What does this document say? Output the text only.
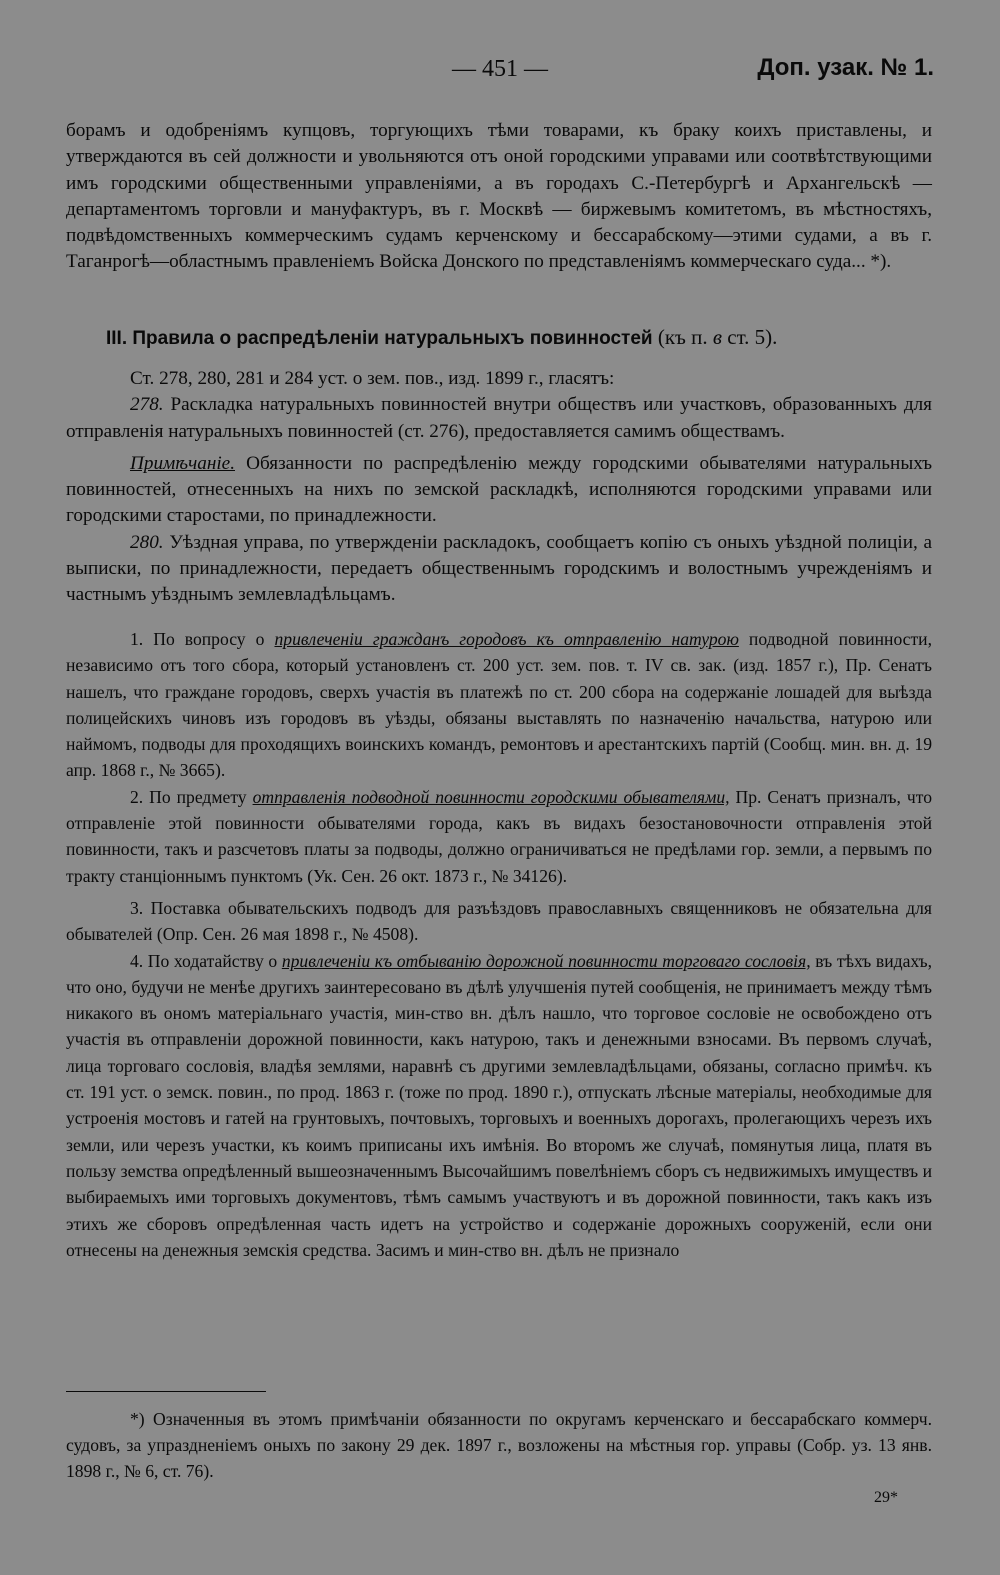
— 451 —	Доп. узак. № 1.

борамъ и одобреніямъ купцовъ, торгующихъ тѣми товарами, къ браку коихъ приставлены, и утверждаются въ сей должности и увольняются отъ оной городскими управами или соотвѣтствующими имъ городскими общественными управленіями, а въ городахъ С.-Петербургѣ и Архангельскѣ — департаментомъ торговли и мануфактуръ, въ г. Москвѣ — биржевымъ комитетомъ, въ мѣстностяхъ, подвѣдомственныхъ коммерческимъ судамъ керченскому и бессарабскому—этими судами, а въ г. Таганрогѣ—областнымъ правленіемъ Войска Донского по представленіямъ коммерческаго суда... *).

III. Правила о распредѣленіи натуральныхъ повинностей (къ п. в ст. 5).

Ст. 278, 280, 281 и 284 уст. о зем. пов., изд. 1899 г., гласятъ:

278. Раскладка натуральныхъ повинностей внутри обществъ или участковъ, образованныхъ для отправленія натуральныхъ повинностей (ст. 276), предоставляется самимъ обществамъ.

Примѣчаніе. Обязанности по распредѣленію между городскими обывателями натуральныхъ повинностей, отнесенныхъ на нихъ по земской раскладкѣ, исполняются городскими управами или городскими старостами, по принадлежности.

280. Уѣздная управа, по утвержденіи раскладокъ, сообщаетъ копію съ оныхъ уѣздной полиціи, а выписки, по принадлежности, передаетъ общественнымъ городскимъ и волостнымъ учрежденіямъ и частнымъ уѣзднымъ землевладѣльцамъ.

1. По вопросу о привлеченіи гражданъ городовъ къ отправленію натурою подводной повинности, независимо отъ того сбора, который установленъ ст. 200 уст. зем. пов. т. IV св. зак. (изд. 1857 г.), Пр. Сенатъ нашелъ, что граждане городовъ, сверхъ участія въ платежѣ по ст. 200 сбора на содержаніе лошадей для выѣзда полицейскихъ чиновъ изъ городовъ въ уѣзды, обязаны выставлять по назначенію начальства, натурою или наймомъ, подводы для проходящихъ воинскихъ командъ, ремонтовъ и арестантскихъ партій (Сообщ. мин. вн. д. 19 апр. 1868 г., № 3665).

2. По предмету отправленія подводной повинности городскими обывателями, Пр. Сенатъ призналъ, что отправленіе этой повинности обывателями города, какъ въ видахъ безостановочности отправленія этой повинности, такъ и разсчетовъ платы за подводы, должно ограничиваться не предѣлами гор. земли, а первымъ по тракту станціоннымъ пунктомъ (Ук. Сен. 26 окт. 1873 г., № 34126).

3. Поставка обывательскихъ подводъ для разъѣздовъ православныхъ священниковъ не обязательна для обывателей (Опр. Сен. 26 мая 1898 г., № 4508).

4. По ходатайству о привлеченіи къ отбыванію дорожной повинности торговаго сословія, въ тѣхъ видахъ, что оно, будучи не менѣе другихъ заинтересовано въ дѣлѣ улучшенія путей сообщенія, не принимаетъ между тѣмъ никакого въ ономъ матеріальнаго участія, мин-ство вн. дѣлъ нашло, что торговое сословіе не освобождено отъ участія въ отправленіи дорожной повинности, какъ натурою, такъ и денежными взносами. Въ первомъ случаѣ, лица торговаго сословія, владѣя землями, наравнѣ съ другими землевладѣльцами, обязаны, согласно примѣч. къ ст. 191 уст. о земск. повин., по прод. 1863 г. (тоже по прод. 1890 г.), отпускать лѣсные матеріалы, необходимые для устроенія мостовъ и гатей на грунтовыхъ, почтовыхъ, торговыхъ и военныхъ дорогахъ, пролегающихъ черезъ ихъ земли, или черезъ участки, къ коимъ приписаны ихъ имѣнія. Во второмъ же случаѣ, помянутыя лица, платя въ пользу земства опредѣленный вышеозначеннымъ Высочайшимъ повелѣніемъ сборъ съ недвижимыхъ имуществъ и выбираемыхъ ими торговыхъ документовъ, тѣмъ самымъ участвуютъ и въ дорожной повинности, такъ какъ изъ этихъ же сборовъ опредѣленная часть идетъ на устройство и содержаніе дорожныхъ сооруженій, если они отнесены на денежныя земскія средства. Засимъ и мин-ство вн. дѣлъ не признало

*) Означенныя въ этомъ примѣчаніи обязанности по округамъ керченскаго и бессарабскаго коммерч. судовъ, за упраздненіемъ оныхъ по закону 29 дек. 1897 г., возложены на мѣстныя гор. управы (Собр. уз. 13 янв. 1898 г., № 6, ст. 76).

29*
